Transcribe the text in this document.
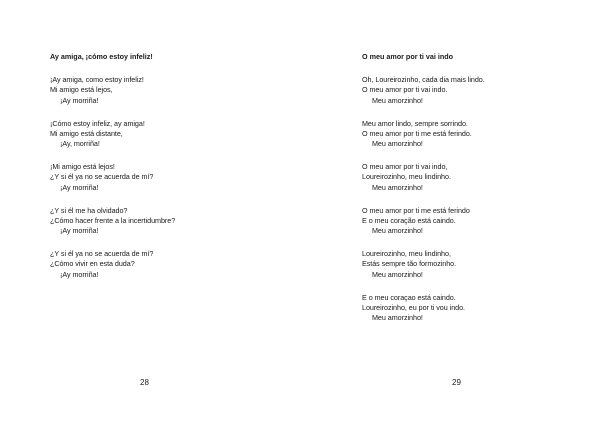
Ay amiga, ¡cómo estoy infeliz!
¡Ay amiga, como estoy infeliz!
Mi amigo está lejos,
¡Ay morriña!
¡Cómo estoy infeliz, ay amiga!
Mi amigo está distante,
¡Ay, morriña!
¡Mi amigo está lejos!
¿Y si él ya no se acuerda de mí?
¡Ay morriña!
¿Y si él me ha olvidado?
¿Cómo hacer frente a la incertidumbre?
¡Ay morriña!
¿Y si él ya no se acuerda de mí?
¿Cómo vivir en esta duda?
¡Ay morriña!
28
O meu amor por ti vai indo
Oh, Loureirozinho, cada dia mais lindo.
O meu amor por ti vai indo.
Meu amorzinho!
Meu amor lindo, sempre sorrindo.
O meu amor por ti me está ferindo.
Meu amorzinho!
O meu amor por ti vai indo,
Loureirozinho, meu lindinho.
Meu amorzinho!
O meu amor por ti me está ferindo
E o meu coração está caindo.
Meu amorzinho!
Loureirozinho, meu lindinho,
Estás sempre tão formozinho.
Meu amorzinho!
E o meu coraçao está caindo.
Loureirozinho, eu por ti vou indo.
Meu amorzinho!
29
